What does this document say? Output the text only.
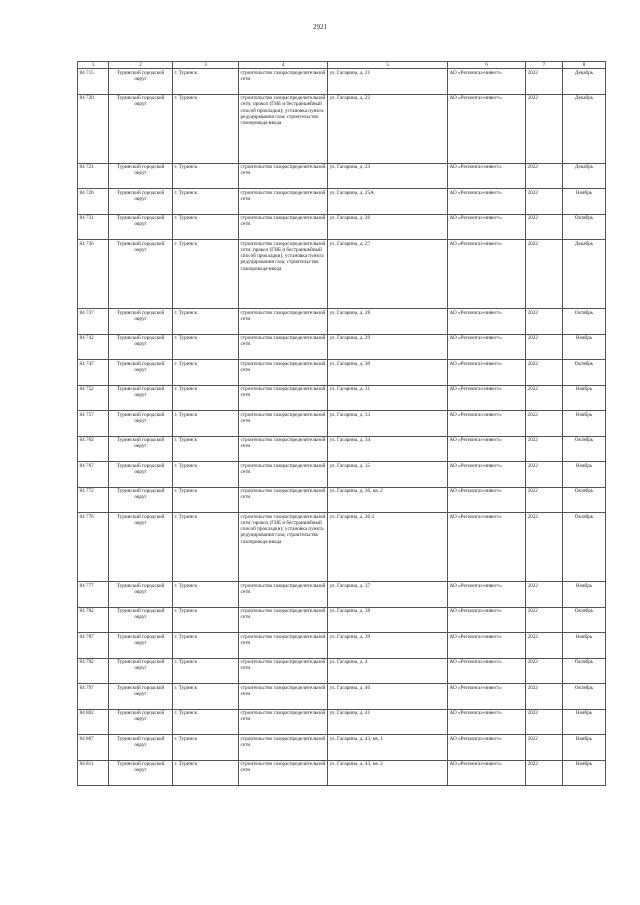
2921
1	2	3	4	5	6	7	8
84 715	Туринский городской округ	г. Туринск	строительство газораспределительной сети	ул. Гагарина, д. 21	АО «Регионгаз-инвест»	2022	Декабрь
84 720	Туринский городской округ	г. Туринск	строительство газораспределительной сети; прокол (ГНБ и бестраншейный способ прокладки); установка пункта редуцирования газа; строительство газопровода-ввода	ул. Гагарина, д. 22	АО «Регионгаз-инвест»	2022	Декабрь
84 721	Туринский городской округ	г. Туринск	строительство газораспределительной сети	ул. Гагарина, д. 23	АО «Регионгаз-инвест»	2022	Декабрь
84 726	Туринский городской округ	г. Туринск	строительство газораспределительной сети	ул. Гагарина, д. 25А	АО «Регионгаз-инвест»	2022	Ноябрь
84 731	Туринский городской округ	г. Туринск	строительство газораспределительной сети	ул. Гагарина, д. 26	АО «Регионгаз-инвест»	2022	Октябрь
84 736	Туринский городской округ	г. Туринск	строительство газораспределительной сети; прокол (ГНБ и бестраншейный способ прокладки); установка пункта редуцирования газа; строительство газопровода-ввода	ул. Гагарина, д. 27	АО «Регионгаз-инвест»	2022	Декабрь
84 737	Туринский городской округ	г. Туринск	строительство газораспределительной сети	ул. Гагарина, д. 28	АО «Регионгаз-инвест»	2022	Октябрь
84 742	Туринский городской округ	г. Туринск	строительство газораспределительной сети	ул. Гагарина, д. 29	АО «Регионгаз-инвест»	2022	Ноябрь
84 747	Туринский городской округ	г. Туринск	строительство газораспределительной сети	ул. Гагарина, д. 30	АО «Регионгаз-инвест»	2022	Октябрь
84 752	Туринский городской округ	г. Туринск	строительство газораспределительной сети	ул. Гагарина, д. 31	АО «Регионгаз-инвест»	2022	Ноябрь
84 757	Туринский городской округ	г. Туринск	строительство газораспределительной сети	ул. Гагарина, д. 33	АО «Регионгаз-инвест»	2022	Ноябрь
84 762	Туринский городской округ	г. Туринск	строительство газораспределительной сети	ул. Гагарина, д. 34	АО «Регионгаз-инвест»	2022	Октябрь
84 767	Туринский городской округ	г. Туринск	строительство газораспределительной сети	ул. Гагарина, д. 35	АО «Регионгаз-инвест»	2022	Ноябрь
84 772	Туринский городской округ	г. Туринск	строительство газораспределительной сети	ул. Гагарина, д. 36, кв. 2	АО «Регионгаз-инвест»	2022	Октябрь
84 776	Туринский городской округ	г. Туринск	строительство газораспределительной сети; прокол (ГНБ и бестраншейный способ прокладки); установка пункта редуцирования газа; строительство газопровода-ввода	ул. Гагарина, д. 36-2	АО «Регионгаз-инвест»	2022	Октябрь
84 777	Туринский городской округ	г. Туринск	строительство газораспределительной сети	ул. Гагарина, д. 37	АО «Регионгаз-инвест»	2022	Ноябрь
84 782	Туринский городской округ	г. Туринск	строительство газораспределительной сети	ул. Гагарина, д. 38	АО «Регионгаз-инвест»	2022	Октябрь
84 787	Туринский городской округ	г. Туринск	строительство газораспределительной сети	ул. Гагарина, д. 39	АО «Регионгаз-инвест»	2022	Ноябрь
84 792	Туринский городской округ	г. Туринск	строительство газораспределительной сети	ул. Гагарина, д. 4	АО «Регионгаз-инвест»	2022	Октябрь
84 797	Туринский городской округ	г. Туринск	строительство газораспределительной сети	ул. Гагарина, д. 40	АО «Регионгаз-инвест»	2022	Октябрь
84 802	Туринский городской округ	г. Туринск	строительство газораспределительной сети	ул. Гагарина, д. 41	АО «Регионгаз-инвест»	2022	Ноябрь
84 807	Туринский городской округ	г. Туринск	строительство газораспределительной сети	ул. Гагарина, д. 43, кв. 1	АО «Регионгаз-инвест»	2022	Ноябрь
84 811	Туринский городской округ	г. Туринск	строительство газораспределительной сети	ул. Гагарина, д. 43, кв. 2	АО «Регионгаз-инвест»	2022	Ноябрь
